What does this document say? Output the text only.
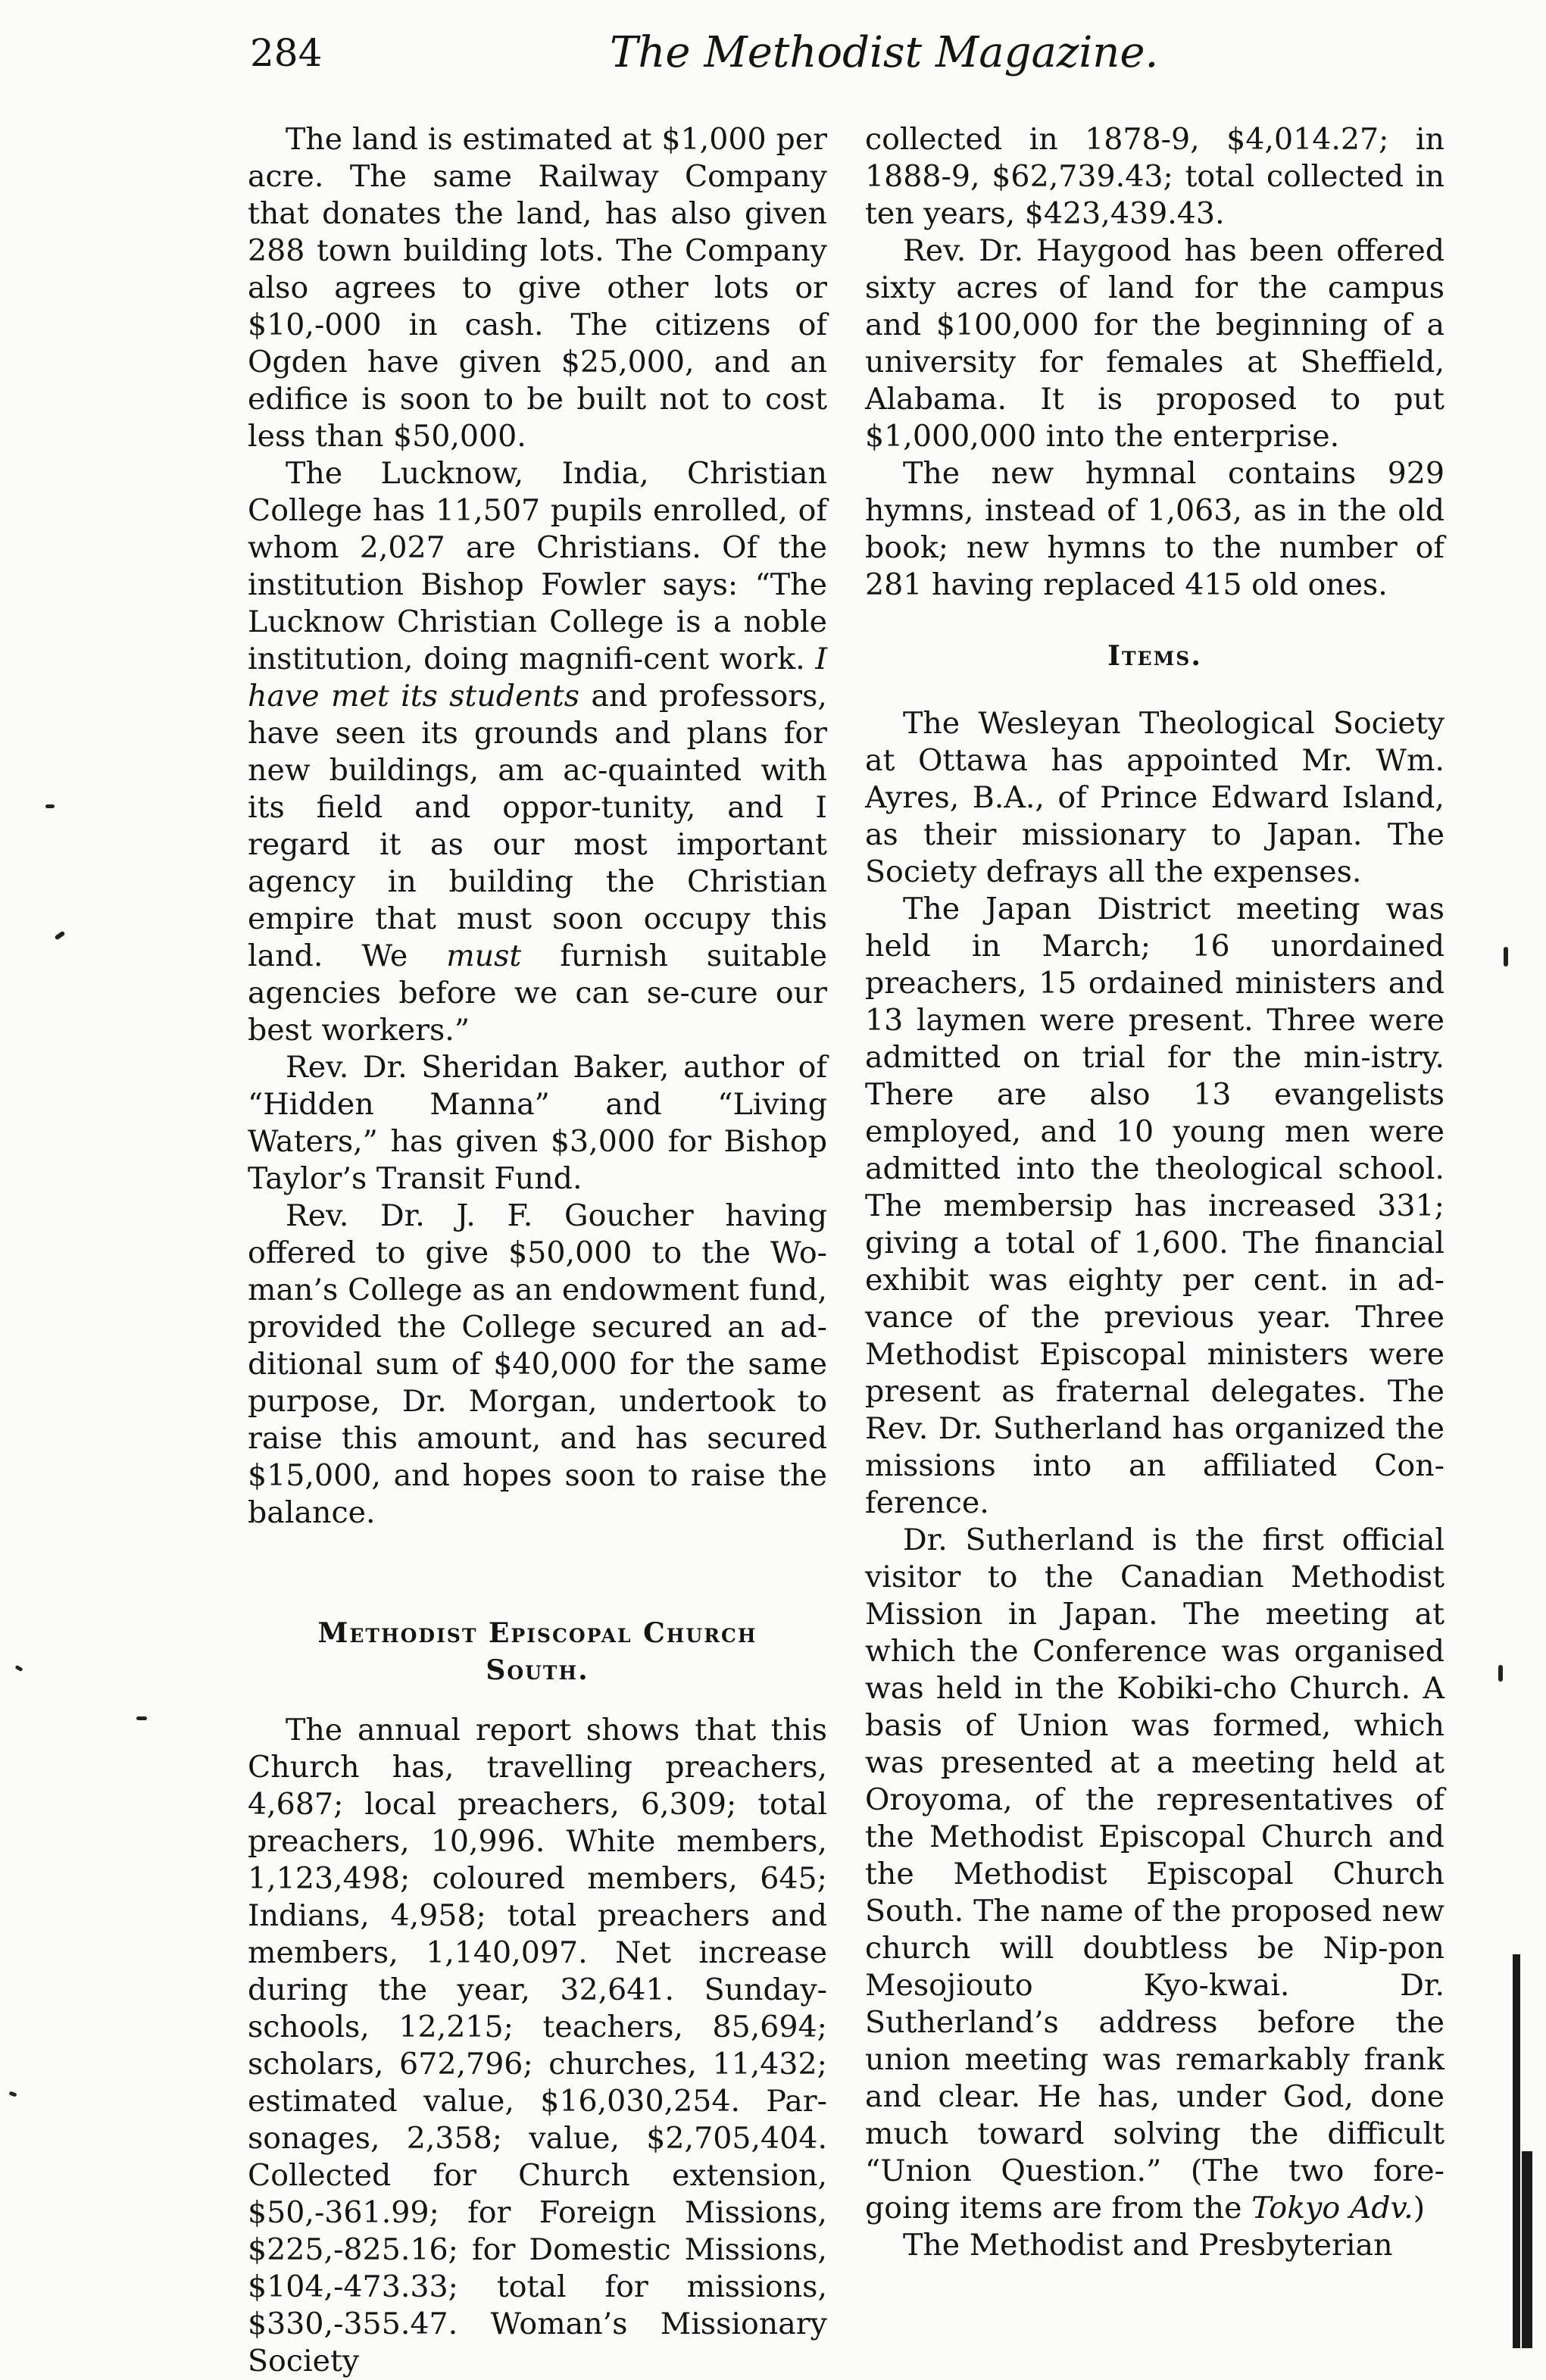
284	The Methodist Magazine.

The land is estimated at $1,000 per acre. The same Railway Company that donates the land, has also given 288 town building lots. The Company also agrees to give other lots or $10,-000 in cash. The citizens of Ogden have given $25,000, and an edifice is soon to be built not to cost less than $50,000.

The Lucknow, India, Christian College has 11,507 pupils enrolled, of whom 2,027 are Christians. Of the institution Bishop Fowler says: “The Lucknow Christian College is a noble institution, doing magnifi-cent work. I have met its students and professors, have seen its grounds and plans for new buildings, am ac-quainted with its field and oppor-tunity, and I regard it as our most important agency in building the Christian empire that must soon occupy this land. We must furnish suitable agencies before we can se-cure our best workers.”

Rev. Dr. Sheridan Baker, author of “Hidden Manna” and “Living Waters,” has given $3,000 for Bishop Taylor’s Transit Fund.

Rev. Dr. J. F. Goucher having offered to give $50,000 to the Wo-man’s College as an endowment fund, provided the College secured an ad-ditional sum of $40,000 for the same purpose, Dr. Morgan, undertook to raise this amount, and has secured $15,000, and hopes soon to raise the balance.

Methodist Episcopal Church South.

The annual report shows that this Church has, travelling preachers, 4,687; local preachers, 6,309; total preachers, 10,996. White members, 1,123,498; coloured members, 645; Indians, 4,958; total preachers and members, 1,140,097. Net increase during the year, 32,641. Sunday-schools, 12,215; teachers, 85,694; scholars, 672,796; churches, 11,432; estimated value, $16,030,254. Par-sonages, 2,358; value, $2,705,404. Collected for Church extension, $50,-361.99; for Foreign Missions, $225,-825.16; for Domestic Missions, $104,-473.33; total for missions, $330,-355.47. Woman’s Missionary Society

collected in 1878-9, $4,014.27; in 1888-9, $62,739.43; total collected in ten years, $423,439.43.

Rev. Dr. Haygood has been offered sixty acres of land for the campus and $100,000 for the beginning of a university for females at Sheffield, Alabama. It is proposed to put $1,000,000 into the enterprise.

The new hymnal contains 929 hymns, instead of 1,063, as in the old book; new hymns to the number of 281 having replaced 415 old ones.

Items.

The Wesleyan Theological Society at Ottawa has appointed Mr. Wm. Ayres, B.A., of Prince Edward Island, as their missionary to Japan. The Society defrays all the expenses.

The Japan District meeting was held in March; 16 unordained preachers, 15 ordained ministers and 13 laymen were present. Three were admitted on trial for the min-istry. There are also 13 evangelists employed, and 10 young men were admitted into the theological school. The membersip has increased 331; giving a total of 1,600. The financial exhibit was eighty per cent. in ad-vance of the previous year. Three Methodist Episcopal ministers were present as fraternal delegates. The Rev. Dr. Sutherland has organized the missions into an affiliated Con-ference.

Dr. Sutherland is the first official visitor to the Canadian Methodist Mission in Japan. The meeting at which the Conference was organised was held in the Kobiki-cho Church. A basis of Union was formed, which was presented at a meeting held at Oroyoma, of the representatives of the Methodist Episcopal Church and the Methodist Episcopal Church South. The name of the proposed new church will doubtless be Nip-pon Mesojiouto Kyo-kwai. Dr. Sutherland’s address before the union meeting was remarkably frank and clear. He has, under God, done much toward solving the difficult “Union Question.” (The two fore-going items are from the Tokyo Adv.)

The Methodist and Presbyterian
